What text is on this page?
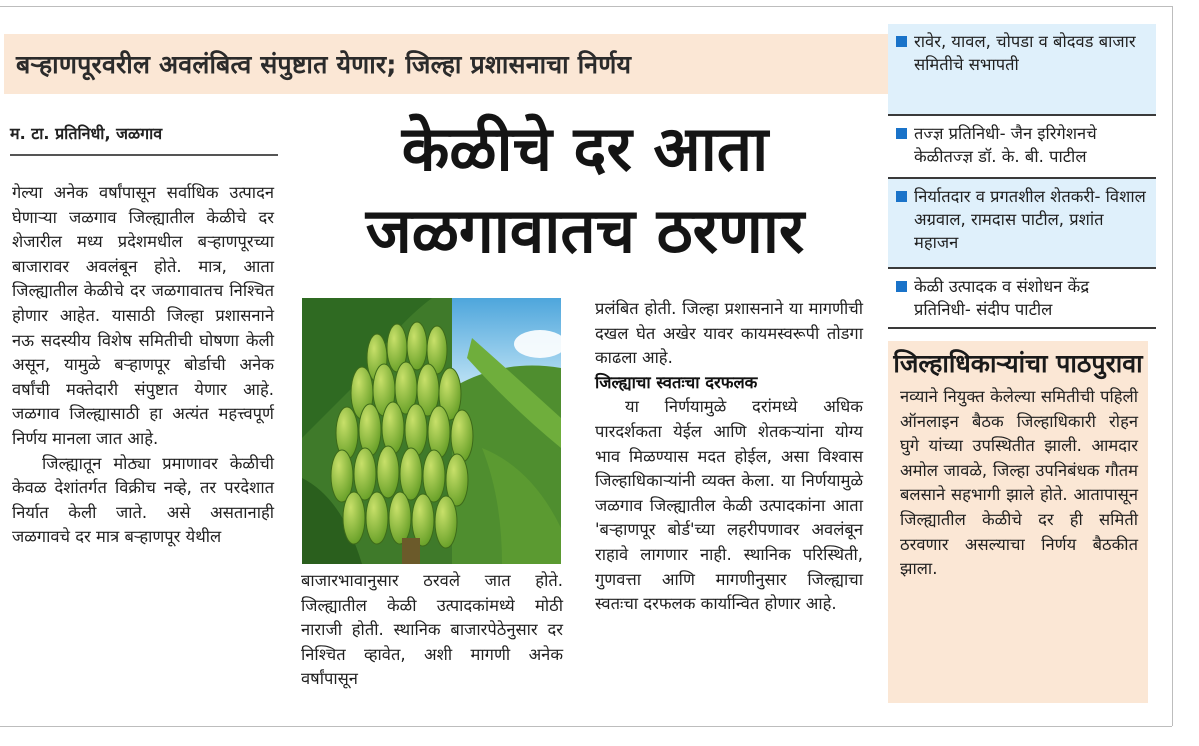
बऱ्हाणपूरवरील अवलंबित्व संपुष्टात येणार; जिल्हा प्रशासनाचा निर्णय
म. टा. प्रतिनिधी, जळगाव	केळीचे दर आता
जळगावातच ठरणार

गेल्या अनेक वर्षांपासून सर्वाधिक उत्पादन घेणाऱ्या जळगाव जिल्ह्यातील केळीचे दर शेजारील मध्य प्रदेशमधील बऱ्हाणपूरच्या बाजारावर अवलंबून होते. मात्र, आता जिल्ह्यातील केळीचे दर जळगावातच निश्चित होणार आहेत. यासाठी जिल्हा प्रशासनाने नऊ सदस्यीय विशेष समितीची घोषणा केली असून, यामुळे बऱ्हाणपूर बोर्डाची अनेक वर्षांची मक्तेदारी संपुष्टात येणार आहे. जळगाव जिल्ह्यासाठी हा अत्यंत महत्त्वपूर्ण निर्णय मानला जात आहे.

जिल्ह्यातून मोठ्या प्रमाणावर केळीची केवळ देशांतर्गत विक्रीच नव्हे, तर परदेशात निर्यात केली जाते. असे असतानाही जळगावचे दर मात्र बऱ्हाणपूर येथील

बाजारभावानुसार ठरवले जात होते. जिल्ह्यातील केळी उत्पादकांमध्ये मोठी नाराजी होती. स्थानिक बाजारपेठेनुसार दर निश्चित व्हावेत, अशी मागणी अनेक वर्षांपासून

प्रलंबित होती. जिल्हा प्रशासनाने या मागणीची दखल घेत अखेर यावर कायमस्वरूपी तोडगा काढला आहे.

जिल्ह्याचा स्वतःचा दरफलक

या निर्णयामुळे दरांमध्ये अधिक पारदर्शकता येईल आणि शेतकऱ्यांना योग्य भाव मिळण्यास मदत होईल, असा विश्वास जिल्हाधिकाऱ्यांनी व्यक्त केला. या निर्णयामुळे जळगाव जिल्ह्यातील केळी उत्पादकांना आता 'बऱ्हाणपूर बोर्ड'च्या लहरीपणावर अवलंबून राहावे लागणार नाही. स्थानिक परिस्थिती, गुणवत्ता आणि मागणीनुसार जिल्ह्याचा स्वतःचा दरफलक कार्यान्वित होणार आहे.

रावेर, यावल, चोपडा व बोदवड बाजार समितीचे सभापती
तज्ज्ञ प्रतिनिधी- जैन इरिगेशनचे केळीतज्ज्ञ डॉ. के. बी. पाटील
निर्यातदार व प्रगतशील शेतकरी- विशाल अग्रवाल, रामदास पाटील, प्रशांत महाजन
केळी उत्पादक व संशोधन केंद्र प्रतिनिधी- संदीप पाटील
जिल्हाधिकाऱ्यांचा पाठपुरावा
नव्याने नियुक्त केलेल्या समितीची पहिली ऑनलाइन बैठक जिल्हाधिकारी रोहन घुगे यांच्या उपस्थितीत झाली. आमदार अमोल जावळे, जिल्हा उपनिबंधक गौतम बलसाने सहभागी झाले होते. आतापासून जिल्ह्यातील केळीचे दर ही समिती ठरवणार असल्याचा निर्णय बैठकीत झाला.
